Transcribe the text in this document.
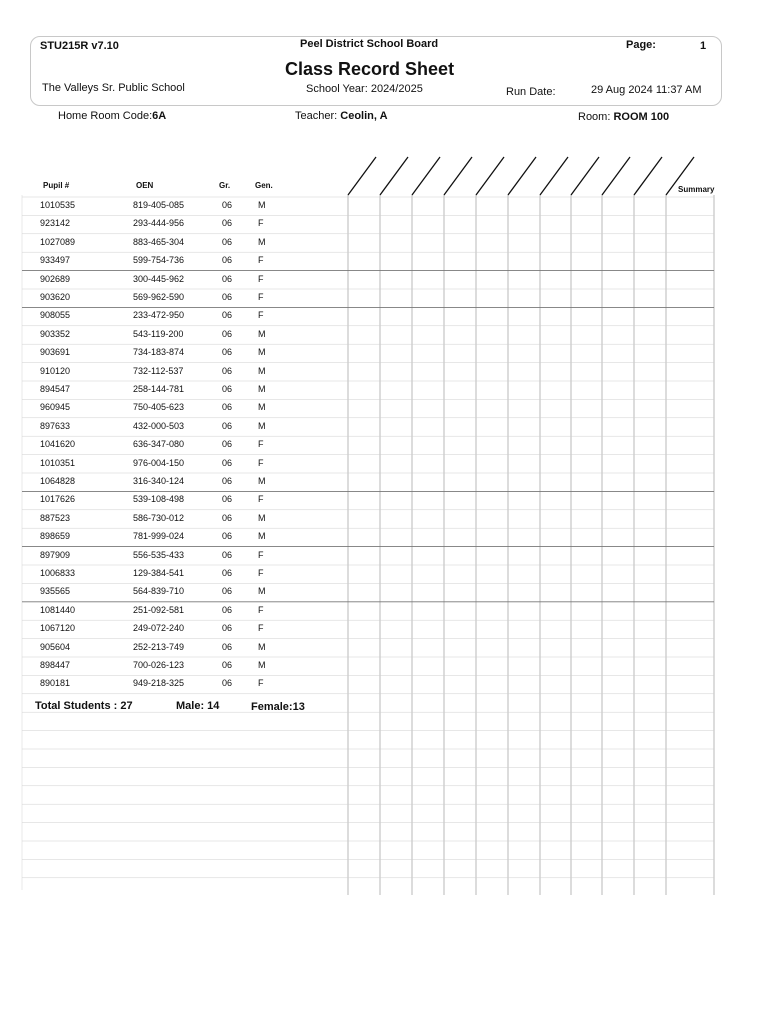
STU215R v7.10	Peel District School Board	Page:	1
Class Record Sheet
The Valleys Sr. Public School	School Year: 2024/2025	Run Date:	29 Aug 2024 11:37 AM
Home Room Code:6A	Teacher: Ceolin, A	Room: ROOM 100
Pupil #	OEN	Gr.	Gen.	Summary
1010535	819-405-085	06	M
923142	293-444-956	06	F
1027089	883-465-304	06	M
933497	599-754-736	06	F
902689	300-445-962	06	F
903620	569-962-590	06	F
908055	233-472-950	06	F
903352	543-119-200	06	M
903691	734-183-874	06	M
910120	732-112-537	06	M
894547	258-144-781	06	M
960945	750-405-623	06	M
897633	432-000-503	06	M
1041620	636-347-080	06	F
1010351	976-004-150	06	F
1064828	316-340-124	06	M
1017626	539-108-498	06	F
887523	586-730-012	06	M
898659	781-999-024	06	M
897909	556-535-433	06	F
1006833	129-384-541	06	F
935565	564-839-710	06	M
1081440	251-092-581	06	F
1067120	249-072-240	06	F
905604	252-213-749	06	M
898447	700-026-123	06	M
890181	949-218-325	06	F
Total Students : 27	Male: 14	Female:13
